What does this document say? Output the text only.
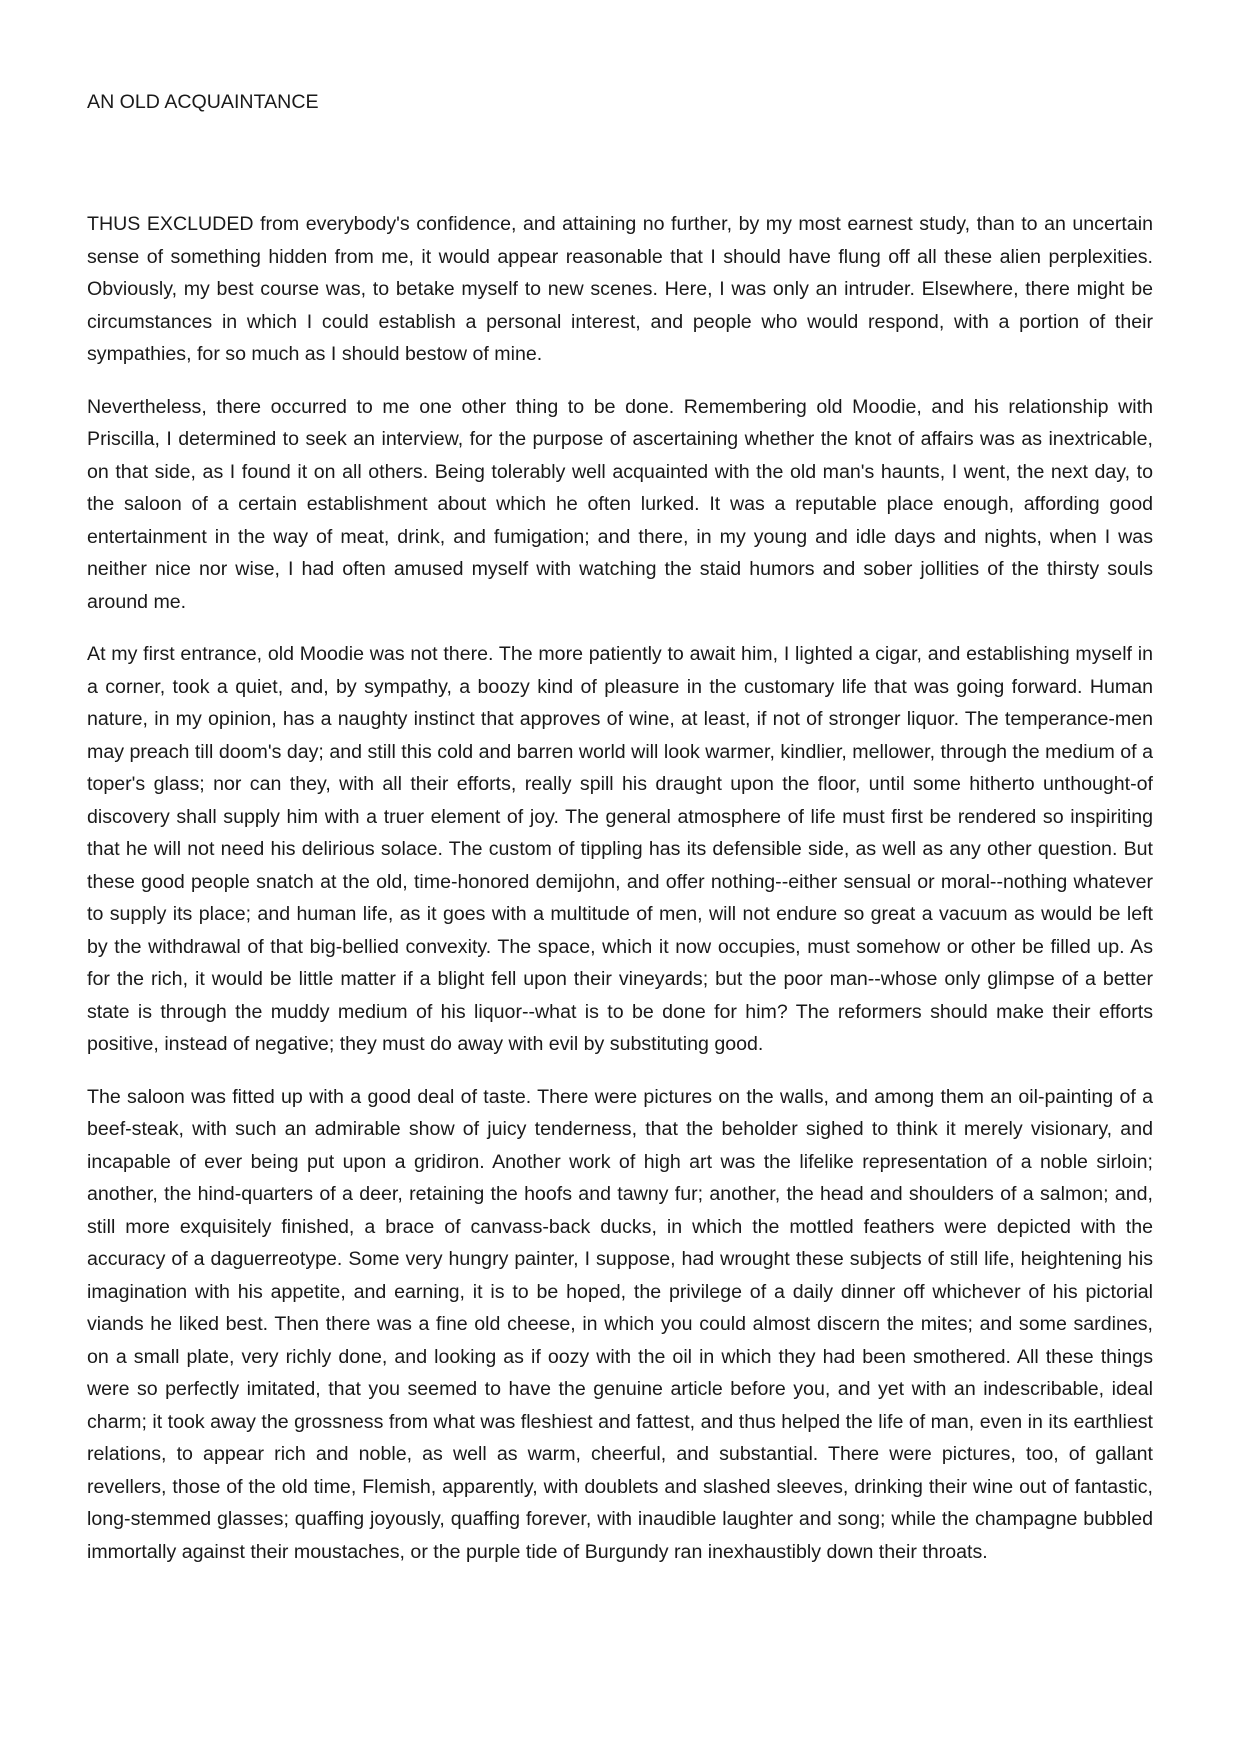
AN OLD ACQUAINTANCE

THUS EXCLUDED from everybody's confidence, and attaining no further, by my most earnest study, than to an uncertain sense of something hidden from me, it would appear reasonable that I should have flung off all these alien perplexities. Obviously, my best course was, to betake myself to new scenes. Here, I was only an intruder. Elsewhere, there might be circumstances in which I could establish a personal interest, and people who would respond, with a portion of their sympathies, for so much as I should bestow of mine.

Nevertheless, there occurred to me one other thing to be done. Remembering old Moodie, and his relationship with Priscilla, I determined to seek an interview, for the purpose of ascertaining whether the knot of affairs was as inextricable, on that side, as I found it on all others. Being tolerably well acquainted with the old man's haunts, I went, the next day, to the saloon of a certain establishment about which he often lurked. It was a reputable place enough, affording good entertainment in the way of meat, drink, and fumigation; and there, in my young and idle days and nights, when I was neither nice nor wise, I had often amused myself with watching the staid humors and sober jollities of the thirsty souls around me.

At my first entrance, old Moodie was not there. The more patiently to await him, I lighted a cigar, and establishing myself in a corner, took a quiet, and, by sympathy, a boozy kind of pleasure in the customary life that was going forward. Human nature, in my opinion, has a naughty instinct that approves of wine, at least, if not of stronger liquor. The temperance-men may preach till doom's day; and still this cold and barren world will look warmer, kindlier, mellower, through the medium of a toper's glass; nor can they, with all their efforts, really spill his draught upon the floor, until some hitherto unthought-of discovery shall supply him with a truer element of joy. The general atmosphere of life must first be rendered so inspiriting that he will not need his delirious solace. The custom of tippling has its defensible side, as well as any other question. But these good people snatch at the old, time-honored demijohn, and offer nothing--either sensual or moral--nothing whatever to supply its place; and human life, as it goes with a multitude of men, will not endure so great a vacuum as would be left by the withdrawal of that big-bellied convexity. The space, which it now occupies, must somehow or other be filled up. As for the rich, it would be little matter if a blight fell upon their vineyards; but the poor man--whose only glimpse of a better state is through the muddy medium of his liquor--what is to be done for him? The reformers should make their efforts positive, instead of negative; they must do away with evil by substituting good.

The saloon was fitted up with a good deal of taste. There were pictures on the walls, and among them an oil-painting of a beef-steak, with such an admirable show of juicy tenderness, that the beholder sighed to think it merely visionary, and incapable of ever being put upon a gridiron. Another work of high art was the lifelike representation of a noble sirloin; another, the hind-quarters of a deer, retaining the hoofs and tawny fur; another, the head and shoulders of a salmon; and, still more exquisitely finished, a brace of canvass-back ducks, in which the mottled feathers were depicted with the accuracy of a daguerreotype. Some very hungry painter, I suppose, had wrought these subjects of still life, heightening his imagination with his appetite, and earning, it is to be hoped, the privilege of a daily dinner off whichever of his pictorial viands he liked best. Then there was a fine old cheese, in which you could almost discern the mites; and some sardines, on a small plate, very richly done, and looking as if oozy with the oil in which they had been smothered. All these things were so perfectly imitated, that you seemed to have the genuine article before you, and yet with an indescribable, ideal charm; it took away the grossness from what was fleshiest and fattest, and thus helped the life of man, even in its earthliest relations, to appear rich and noble, as well as warm, cheerful, and substantial. There were pictures, too, of gallant revellers, those of the old time, Flemish, apparently, with doublets and slashed sleeves, drinking their wine out of fantastic, long-stemmed glasses; quaffing joyously, quaffing forever, with inaudible laughter and song; while the champagne bubbled immortally against their moustaches, or the purple tide of Burgundy ran inexhaustibly down their throats.
